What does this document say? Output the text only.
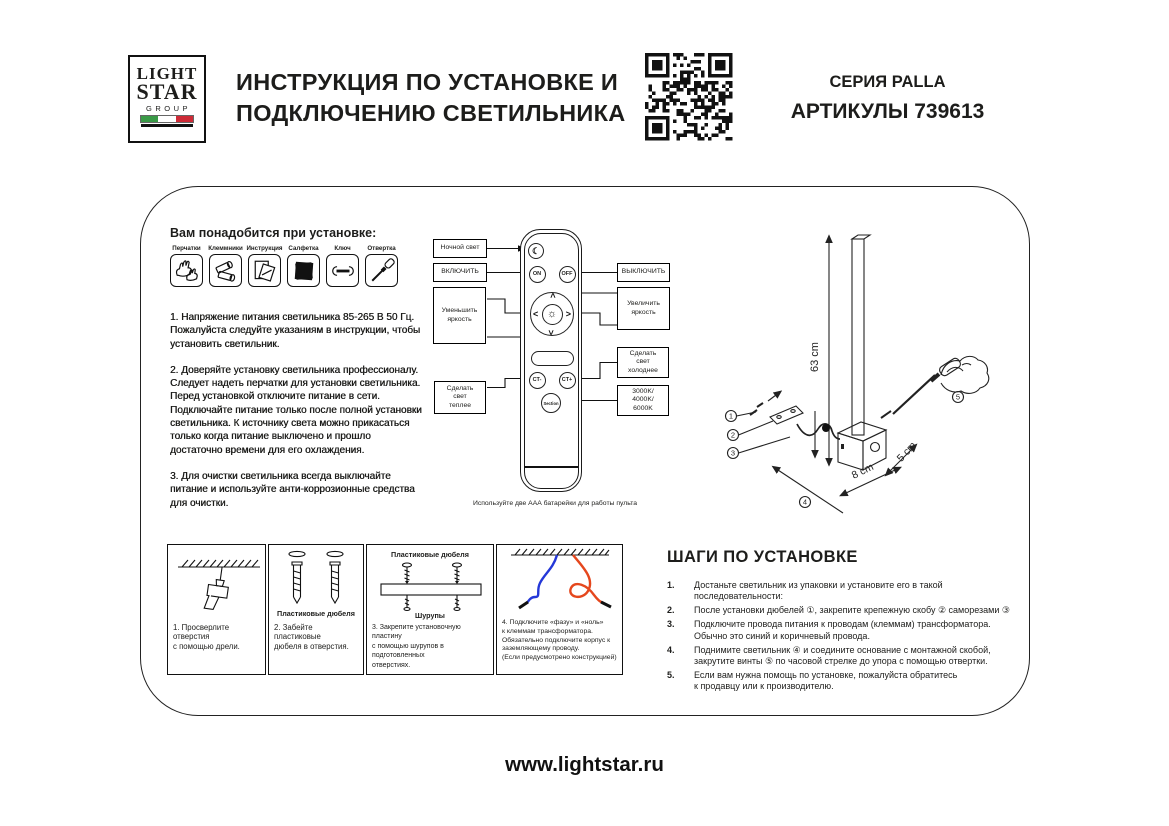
LIGHT
STAR
GROUP
ИНСТРУКЦИЯ ПО УСТАНОВКЕ И
ПОДКЛЮЧЕНИЮ СВЕТИЛЬНИКА
СЕРИЯ PALLA
АРТИКУЛЫ 739613
Вам понадобится при установке:
Перчатки Клеммники Инструкция Салфетка	Ключ	Отвертка

1. Напряжение питания светильника 85-265 В 50 Гц. Пожалуйста следуйте указаниям в инструкции, чтобы установить светильник.

2. Доверяйте установку светильника профессионалу. Следует надеть перчатки для установки светильника. Перед установкой отключите питание в сети. Подключайте питание только после полной установки светильника. К источнику света можно прикасаться только когда питание выключено и прошло достаточно времени для его охлаждения.

3. Для очистки светильника всегда выключайте питание и используйте анти-коррозионные средства для очистки.

Ночной свет
ВКЛЮЧИТЬ
Уменьшить
яркость
Сделать
свет
теплее
ВЫКЛЮЧИТЬ
Увеличить
яркость
Сделать
свет
холоднее
3000K/
4000K/
6000K
☾
ON	OFF
☼
>
>
<	>
CT-	CT+
Section
Используйте две ААА батарейки для работы пульта
63 cm
1
2
3
4
8 cm
5 cm
5
1. Просверлите отверстия
с помощью дрели.
Пластиковые дюбеля
2. Забейте пластиковые
дюбеля в отверстия.
Пластиковые дюбеля
Шурупы
3. Закрепите установочную пластину
с помощью шурупов в подготовленных
отверстиях.
4. Подключите «фазу» и «ноль»
к клеммам трансформатора.
Обязательно подключите корпус к
заземляющему проводу.
(Если предусмотрено конструкцией)
ШАГИ ПО УСТАНОВКЕ
1.	Достаньте светильник из упаковки и установите его в такой последовательности:
2.	После установки дюбелей ①, закрепите крепежную скобу ② саморезами ③
3.	Подключите провода питания к проводам (клеммам) трансформатора.
Обычно это синий и коричневый провода.
4.	Поднимите светильник ④ и соедините основание с монтажной скобой,
закрутите винты ⑤ по часовой стрелке до упора с помощью отвертки.
5.	Если вам нужна помощь по установке, пожалуйста обратитесь
к продавцу или к производителю.
www.lightstar.ru
